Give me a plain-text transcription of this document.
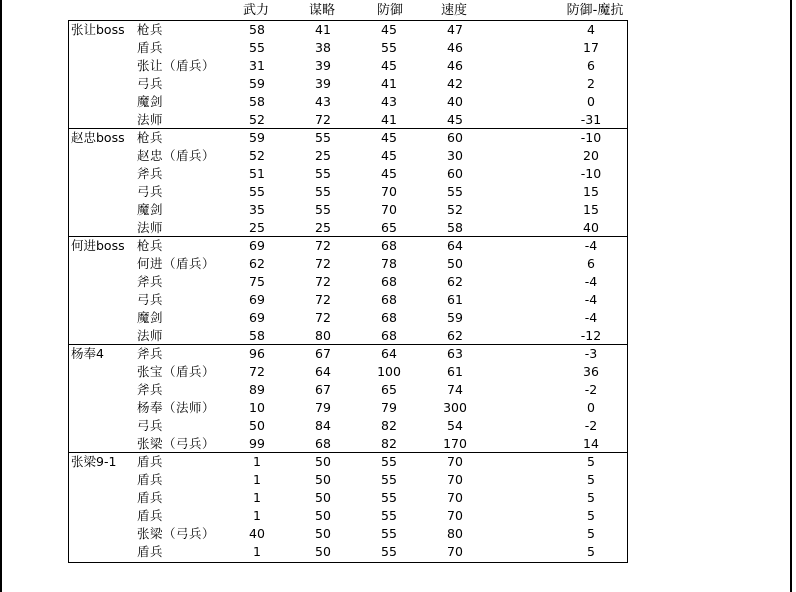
武力	谋略	防御	速度	防御-魔抗
张让boss 枪兵	58	41	45	47	4
盾兵	55	38	55	46	17
张让（盾兵）	31	39	45	46	6
弓兵	59	39	41	42	2
魔剑	58	43	43	40	0
法师	52	72	41	45	-31
赵忠boss 枪兵	59	55	45	60	-10
赵忠（盾兵）	52	25	45	30	20
斧兵	51	55	45	60	-10
弓兵	55	55	70	55	15
魔剑	35	55	70	52	15
法师	25	25	65	58	40
何进boss 枪兵	69	72	68	64	-4
何进（盾兵）	62	72	78	50	6
斧兵	75	72	68	62	-4
弓兵	69	72	68	61	-4
魔剑	69	72	68	59	-4
法师	58	80	68	62	-12
杨奉4	斧兵	96	67	64	63	-3
张宝（盾兵）	72	64	100	61	36
斧兵	89	67	65	74	-2
杨奉（法师）	10	79	79	300	0
弓兵	50	84	82	54	-2
张梁（弓兵）	99	68	82	170	14
张梁9-1	盾兵	1	50	55	70	5
盾兵	1	50	55	70	5
盾兵	1	50	55	70	5
盾兵	1	50	55	70	5
张梁（弓兵）	40	50	55	80	5
盾兵	1	50	55	70	5
